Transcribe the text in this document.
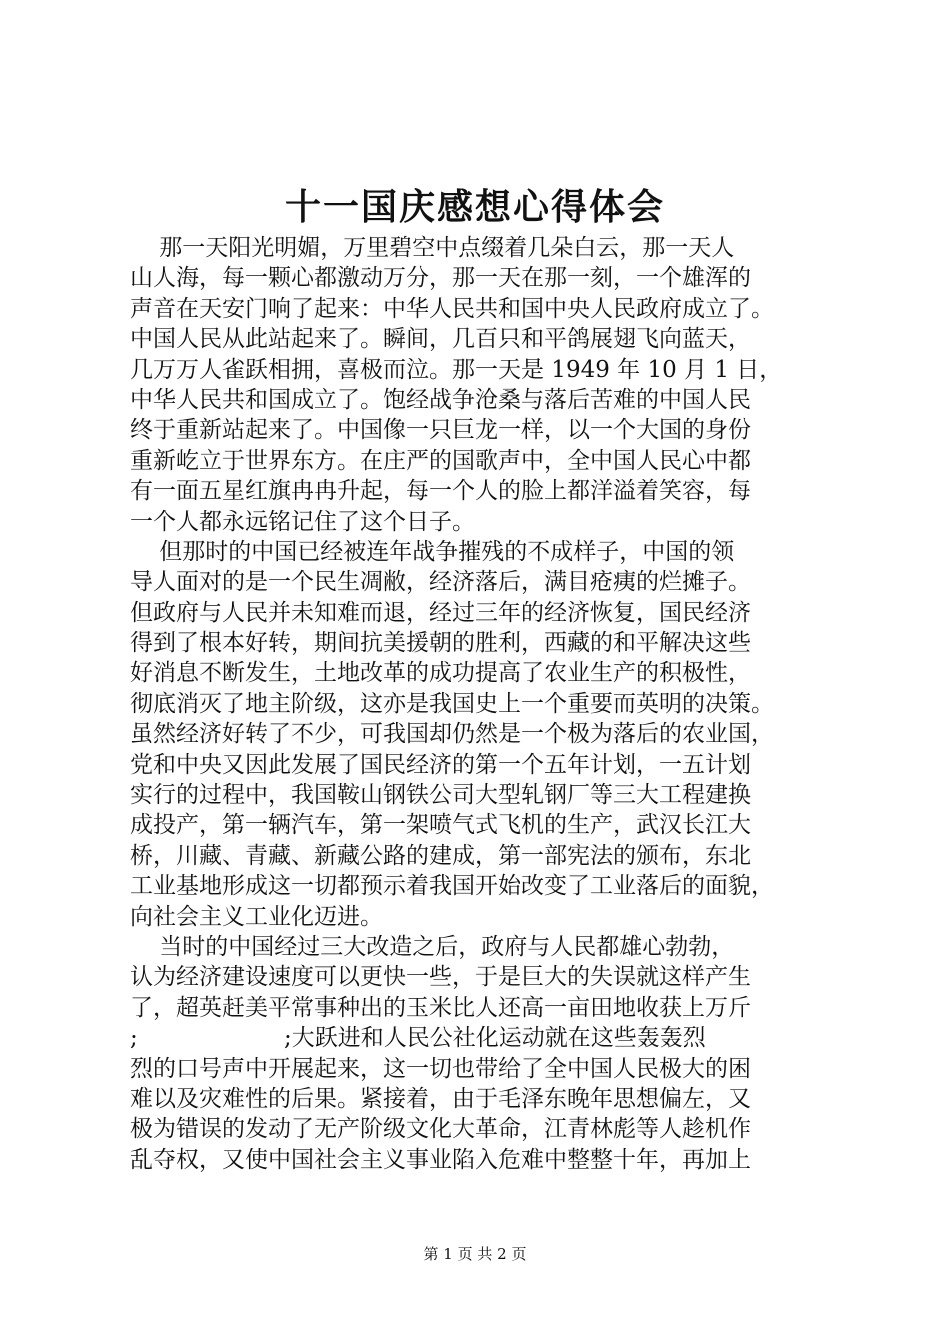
十一国庆感想心得体会
那一天阳光明媚，万里碧空中点缀着几朵白云，那一天人
山人海，每一颗心都激动万分，那一天在那一刻，一个雄浑的
声音在天安门响了起来：中华人民共和国中央人民政府成立了。
中国人民从此站起来了。瞬间，几百只和平鸽展翅飞向蓝天，
几万万人雀跃相拥，喜极而泣。那一天是 1949 年 10 月 1 日，
中华人民共和国成立了。饱经战争沧桑与落后苦难的中国人民
终于重新站起来了。中国像一只巨龙一样，以一个大国的身份
重新屹立于世界东方。在庄严的国歌声中，全中国人民心中都
有一面五星红旗冉冉升起，每一个人的脸上都洋溢着笑容，每
一个人都永远铭记住了这个日子。
但那时的中国已经被连年战争摧残的不成样子，中国的领
导人面对的是一个民生凋敝，经济落后，满目疮痍的烂摊子。
但政府与人民并未知难而退，经过三年的经济恢复，国民经济
得到了根本好转，期间抗美援朝的胜利，西藏的和平解决这些
好消息不断发生，土地改革的成功提高了农业生产的积极性，
彻底消灭了地主阶级，这亦是我国史上一个重要而英明的决策。
虽然经济好转了不少，可我国却仍然是一个极为落后的农业国，
党和中央又因此发展了国民经济的第一个五年计划，一五计划
实行的过程中，我国鞍山钢铁公司大型轧钢厂等三大工程建换
成投产，第一辆汽车，第一架喷气式飞机的生产，武汉长江大
桥，川藏、青藏、新藏公路的建成，第一部宪法的颁布，东北
工业基地形成这一切都预示着我国开始改变了工业落后的面貌，
向社会主义工业化迈进。
当时的中国经过三大改造之后，政府与人民都雄心勃勃，
认为经济建设速度可以更快一些，于是巨大的失误就这样产生
了，超英赶美平常事种出的玉米比人还高一亩田地收获上万斤
;                    ;大跃进和人民公社化运动就在这些轰轰烈
烈的口号声中开展起来，这一切也带给了全中国人民极大的困
难以及灾难性的后果。紧接着，由于毛泽东晚年思想偏左，又
极为错误的发动了无产阶级文化大革命，江青林彪等人趁机作
乱夺权，又使中国社会主义事业陷入危难中整整十年，再加上
第 1 页 共 2 页
